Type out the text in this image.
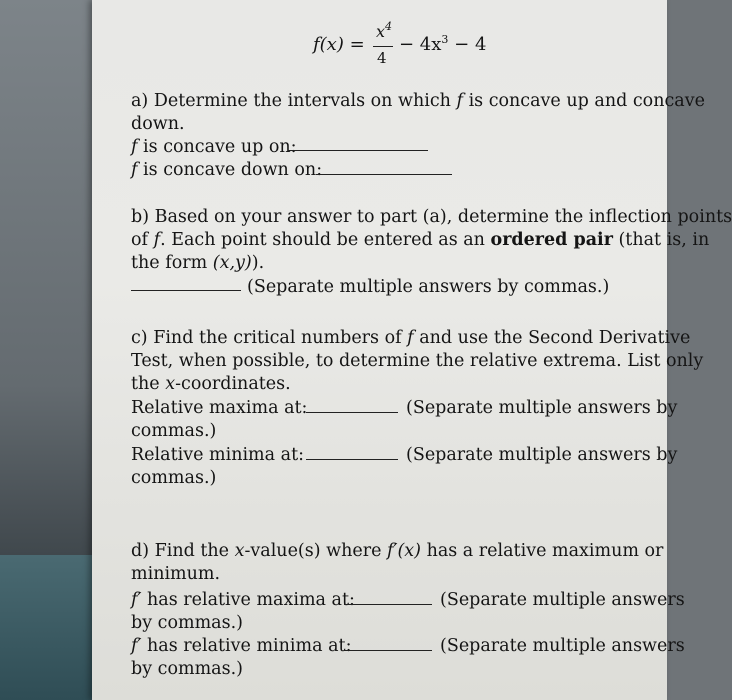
f(x) =
$x^4$
4
− $4x^3 - 4$
a) Determine the intervals on which f is concave up and concave
down.
f is concave up on:
f is concave down on:
b) Based on your answer to part (a), determine the inflection points
of f. Each point should be entered as an ordered pair (that is, in
the form (x,y)).
(Separate multiple answers by commas.)
c) Find the critical numbers of f and use the Second Derivative
Test, when possible, to determine the relative extrema. List only
the x-coordinates.
Relative maxima at:	(Separate multiple answers by
commas.)
Relative minima at:	(Separate multiple answers by
commas.)
d) Find the x-value(s) where f′(x) has a relative maximum or
minimum.
f′ has relative maxima at:	(Separate multiple answers
by commas.)
f′ has relative minima at:	(Separate multiple answers
by commas.)
